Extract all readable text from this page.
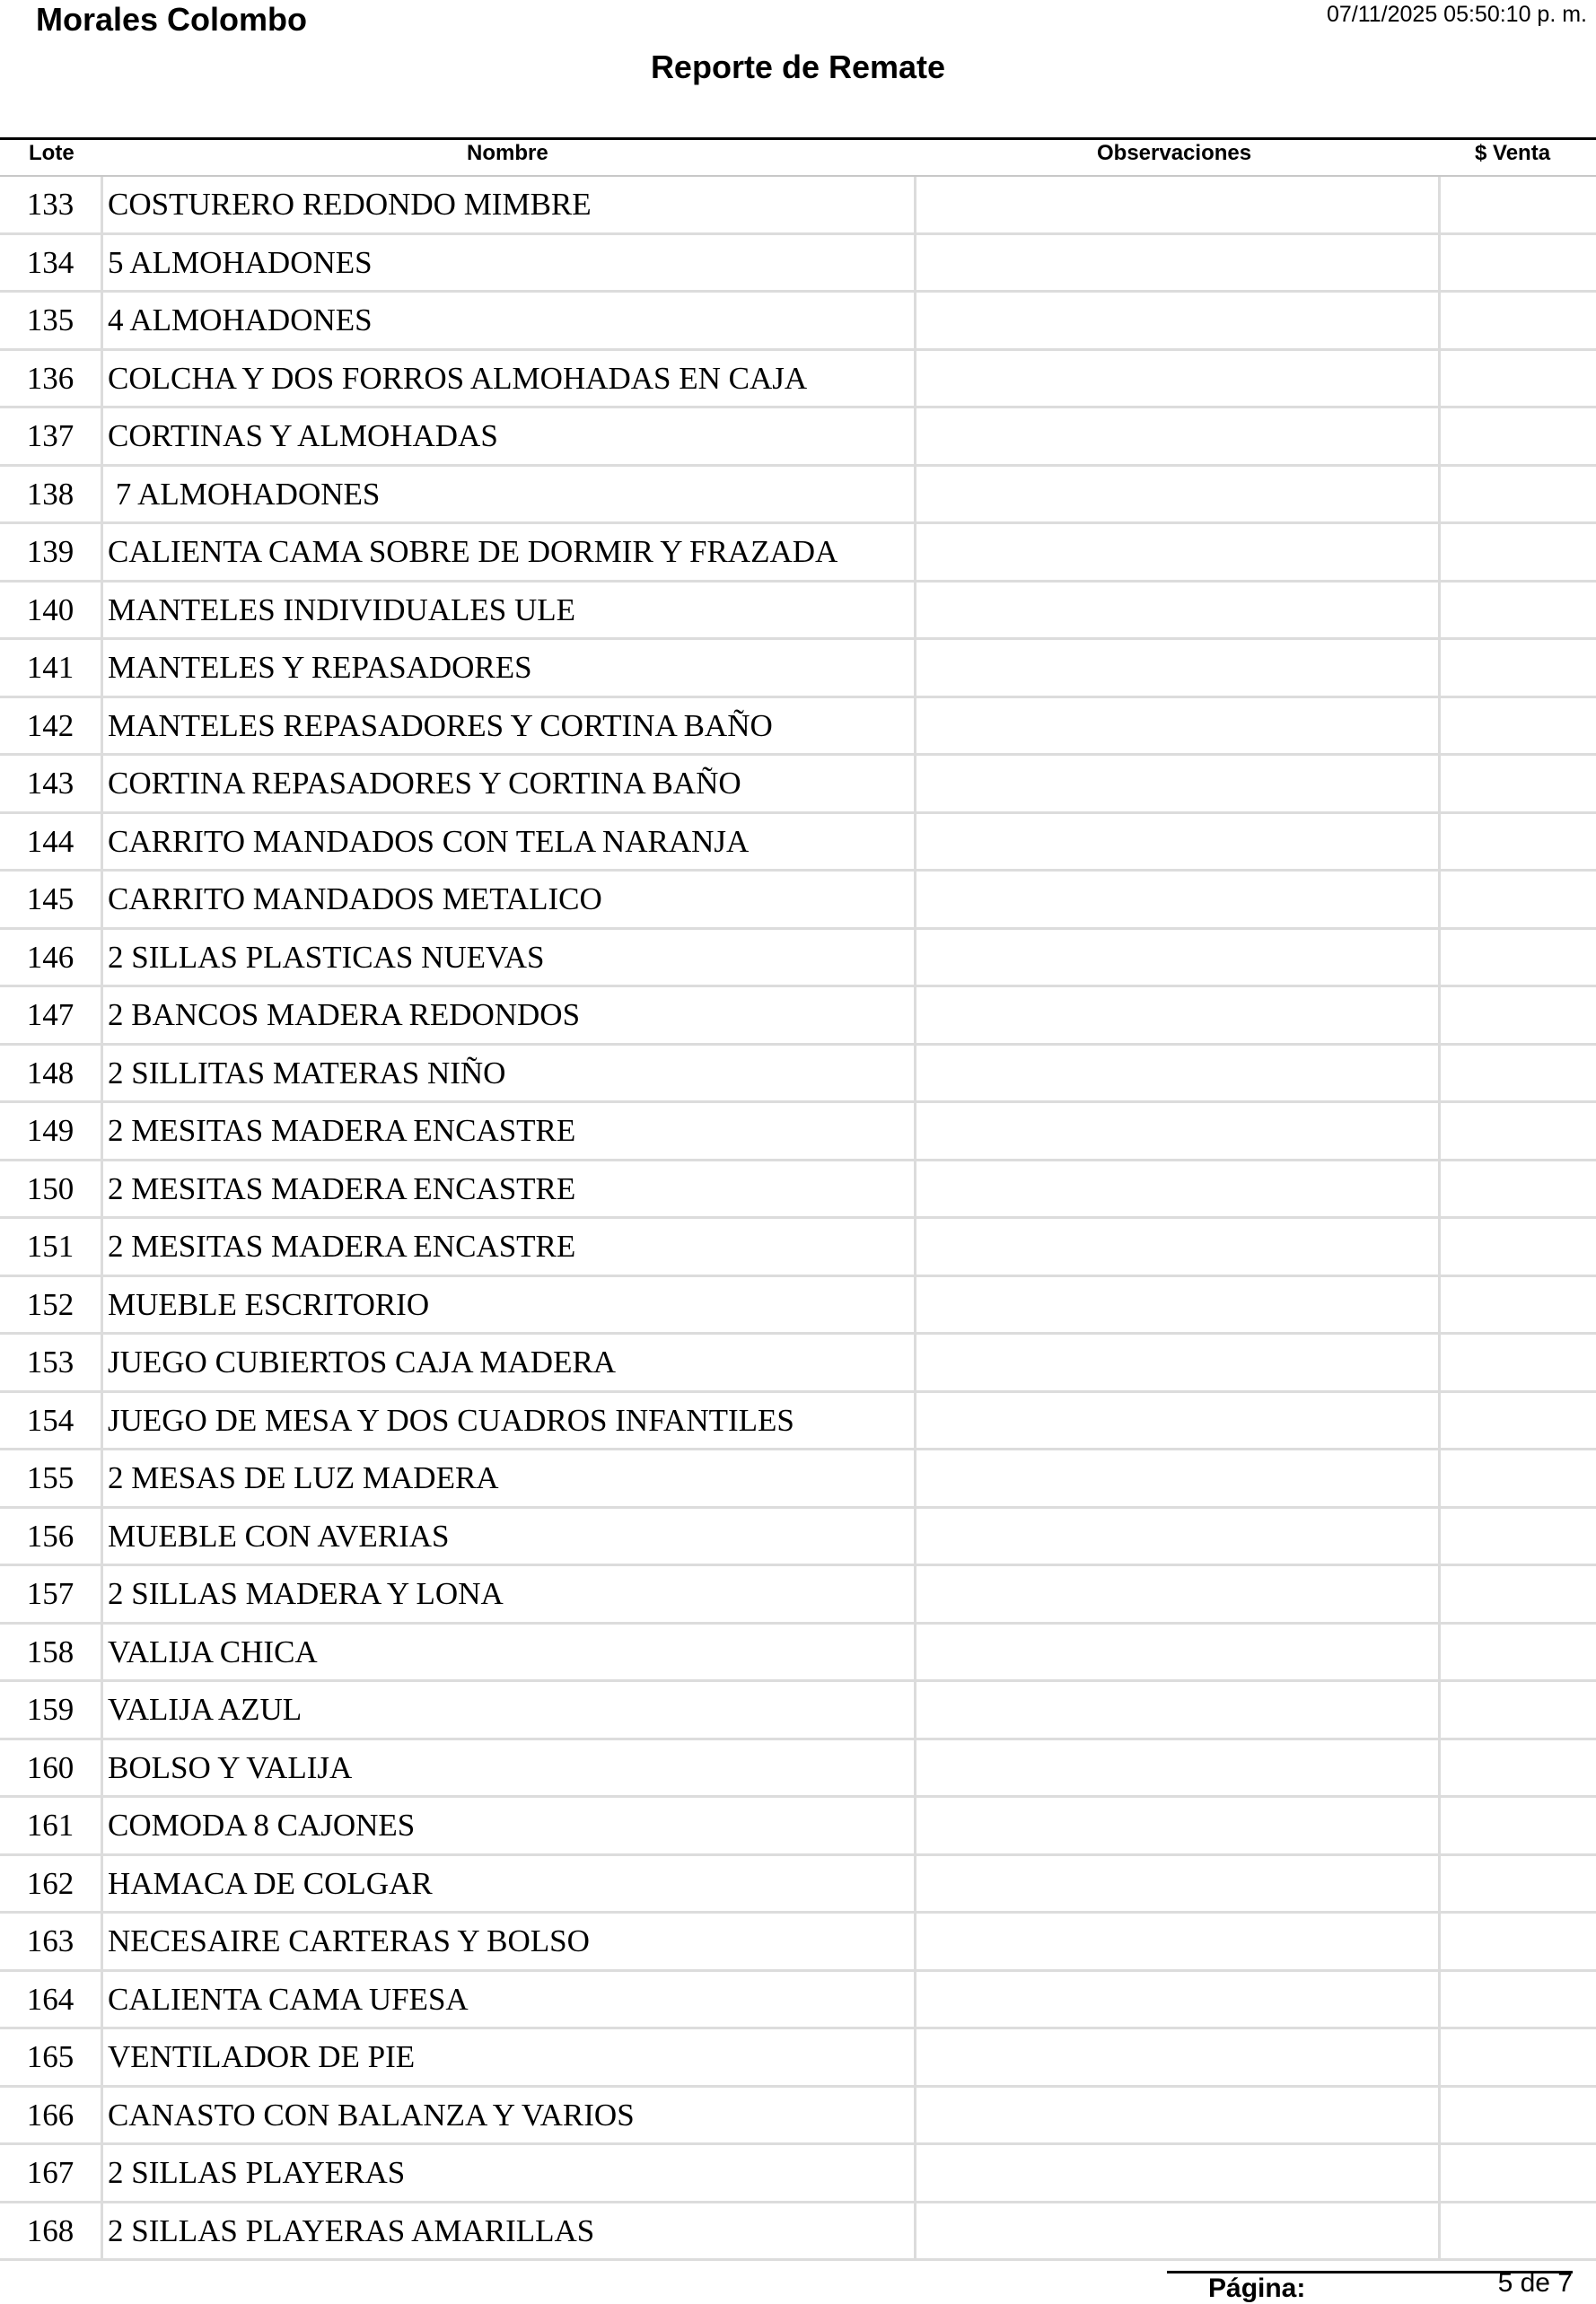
Morales Colombo	07/11/2025 05:50:10 p. m.
Reporte de Remate
Lote	Nombre	Observaciones	$ Venta
133	COSTURERO REDONDO MIMBRE
134	5 ALMOHADONES
135	4 ALMOHADONES
136	COLCHA Y DOS FORROS ALMOHADAS EN CAJA
137	CORTINAS Y ALMOHADAS
138	7 ALMOHADONES
139	CALIENTA CAMA SOBRE DE DORMIR Y FRAZADA
140	MANTELES INDIVIDUALES ULE
141	MANTELES Y REPASADORES
142	MANTELES REPASADORES Y CORTINA BAÑO
143	CORTINA REPASADORES Y CORTINA BAÑO
144	CARRITO MANDADOS CON TELA NARANJA
145	CARRITO MANDADOS METALICO
146	2 SILLAS PLASTICAS NUEVAS
147	2 BANCOS MADERA REDONDOS
148	2 SILLITAS MATERAS NIÑO
149	2 MESITAS MADERA ENCASTRE
150	2 MESITAS MADERA ENCASTRE
151	2 MESITAS MADERA ENCASTRE
152	MUEBLE ESCRITORIO
153	JUEGO CUBIERTOS CAJA MADERA
154	JUEGO DE MESA Y DOS CUADROS INFANTILES
155	2 MESAS DE LUZ MADERA
156	MUEBLE CON AVERIAS
157	2 SILLAS MADERA Y LONA
158	VALIJA CHICA
159	VALIJA AZUL
160	BOLSO Y VALIJA
161	COMODA 8 CAJONES
162	HAMACA DE COLGAR
163	NECESAIRE CARTERAS Y BOLSO
164	CALIENTA CAMA UFESA
165	VENTILADOR DE PIE
166	CANASTO CON BALANZA Y VARIOS
167	2 SILLAS PLAYERAS
168	2 SILLAS PLAYERAS AMARILLAS
Página:	5 de 7
